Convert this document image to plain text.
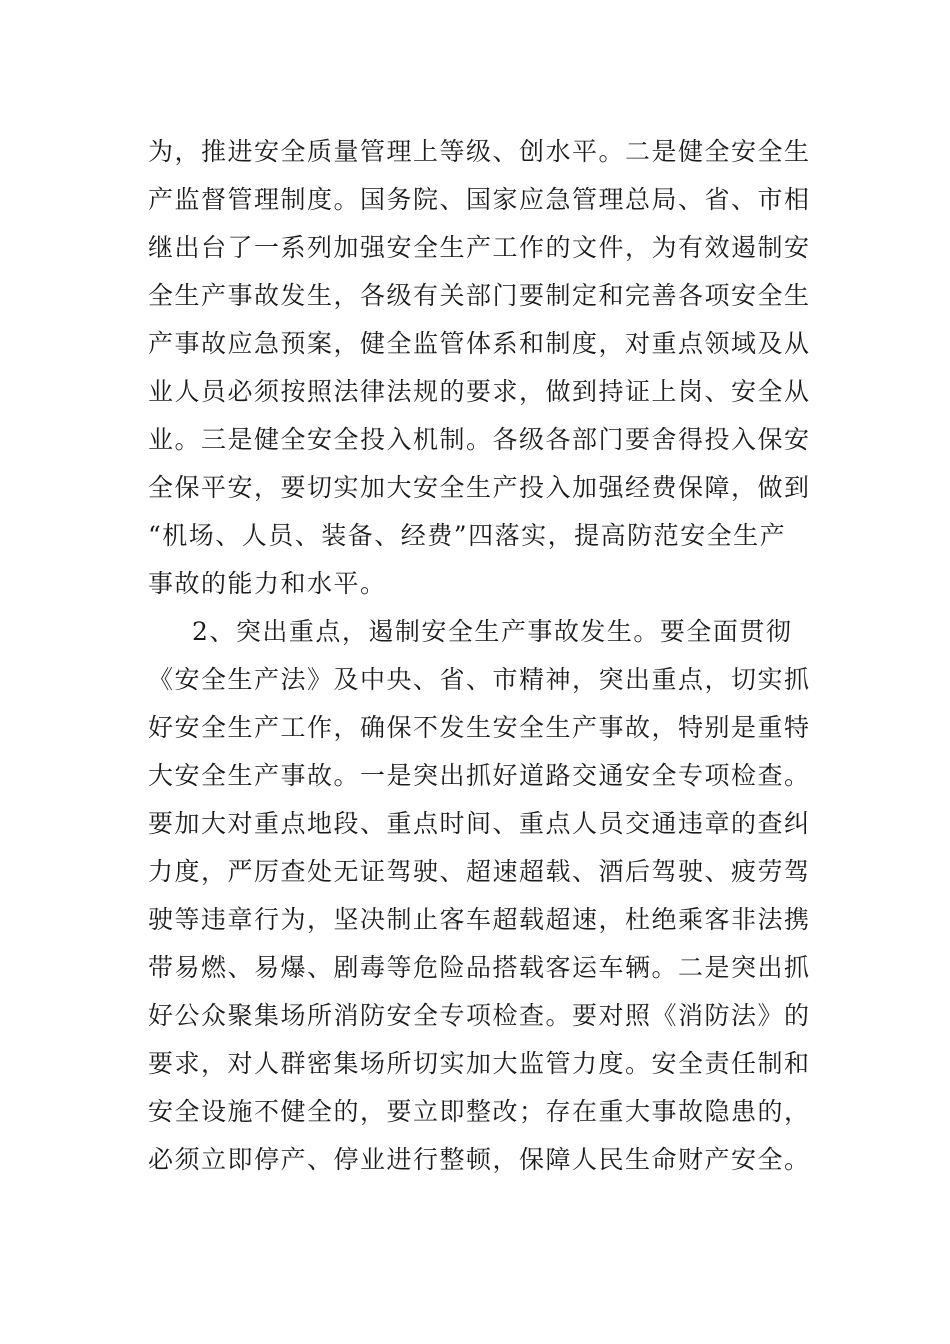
为，推进安全质量管理上等级、创水平。二是健全安全生
产监督管理制度。国务院、国家应急管理总局、省、市相
继出台了一系列加强安全生产工作的文件，为有效遏制安
全生产事故发生，各级有关部门要制定和完善各项安全生
产事故应急预案，健全监管体系和制度，对重点领域及从
业人员必须按照法律法规的要求，做到持证上岗、安全从
业。三是健全安全投入机制。各级各部门要舍得投入保安
全保平安，要切实加大安全生产投入加强经费保障，做到
“机场、人员、装备、经费”四落实，提高防范安全生产
事故的能力和水平。
2、突出重点，遏制安全生产事故发生。要全面贯彻
《安全生产法》及中央、省、市精神，突出重点，切实抓
好安全生产工作，确保不发生安全生产事故，特别是重特
大安全生产事故。一是突出抓好道路交通安全专项检查。
要加大对重点地段、重点时间、重点人员交通违章的查纠
力度，严厉查处无证驾驶、超速超载、酒后驾驶、疲劳驾
驶等违章行为，坚决制止客车超载超速，杜绝乘客非法携
带易燃、易爆、剧毒等危险品搭载客运车辆。二是突出抓
好公众聚集场所消防安全专项检查。要对照《消防法》的
要求，对人群密集场所切实加大监管力度。安全责任制和
安全设施不健全的，要立即整改；存在重大事故隐患的，
必须立即停产、停业进行整顿，保障人民生命财产安全。
